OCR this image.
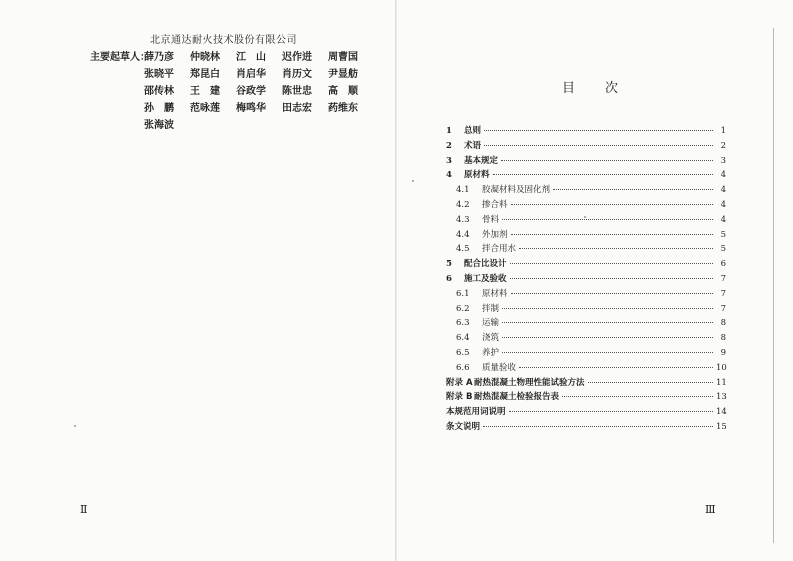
北京通达耐火技术股份有限公司
主要起草人：
薛乃彦	仲晓林	江　山	迟作进	周曹国
张晓平	郑昆白	肖启华	肖历文	尹显舫
邵传林	王　建	谷政学	陈世忠	高　顺
孙　鹏	范咏莲	梅鸣华	田志宏	药维东
张海波
Ⅱ
目次
1	总则	1
2	术语	2
3	基本规定	3
4	原材料	4
4.1	胶凝材料及固化剂	4
4.2	掺合料	4
4.3	骨料	4
4.4	外加剂	5
4.5	拌合用水	5
5	配合比设计	6
6	施工及验收	7
6.1	原材料	7
6.2	拌制	7
6.3	运输	8
6.4	浇筑	8
6.5	养护	9
6.6	质量验收	10
附录 A 耐热混凝土物理性能试验方法	11
附录 B 耐热混凝土检验报告表	13
本规范用词说明	14
条文说明	15
Ⅲ
